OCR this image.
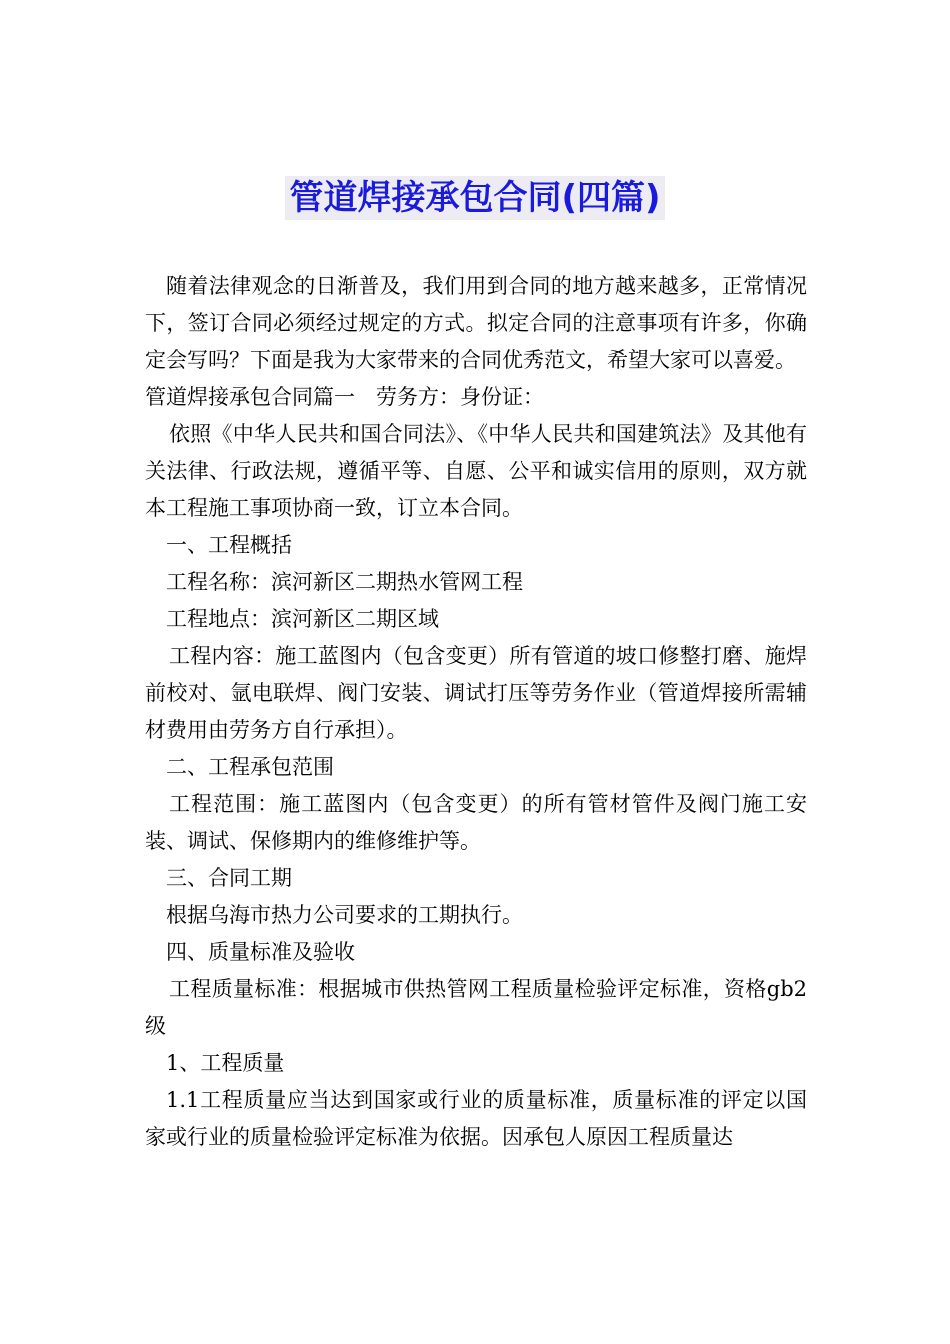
管道焊接承包合同(四篇)

随着法律观念的日渐普及，我们用到合同的地方越来越多，正常情况下，签订合同必须经过规定的方式。拟定合同的注意事项有许多，你确定会写吗？下面是我为大家带来的合同优秀范文，希望大家可以喜爱。

管道焊接承包合同篇一　劳务方：身份证：

依照《中华人民共和国合同法》、《中华人民共和国建筑法》及其他有关法律、行政法规，遵循平等、自愿、公平和诚实信用的原则，双方就本工程施工事项协商一致，订立本合同。

一、工程概括

工程名称：滨河新区二期热水管网工程

工程地点：滨河新区二期区域

工程内容：施工蓝图内（包含变更）所有管道的坡口修整打磨、施焊前校对、氩电联焊、阀门安装、调试打压等劳务作业（管道焊接所需辅材费用由劳务方自行承担）。

二、工程承包范围

工程范围：施工蓝图内（包含变更）的所有管材管件及阀门施工安装、调试、保修期内的维修维护等。

三、合同工期

根据乌海市热力公司要求的工期执行。

四、质量标准及验收

工程质量标准：根据城市供热管网工程质量检验评定标准，资格gb2级

1、工程质量

1.1工程质量应当达到国家或行业的质量标准，质量标准的评定以国家或行业的质量检验评定标准为依据。因承包人原因工程质量达
